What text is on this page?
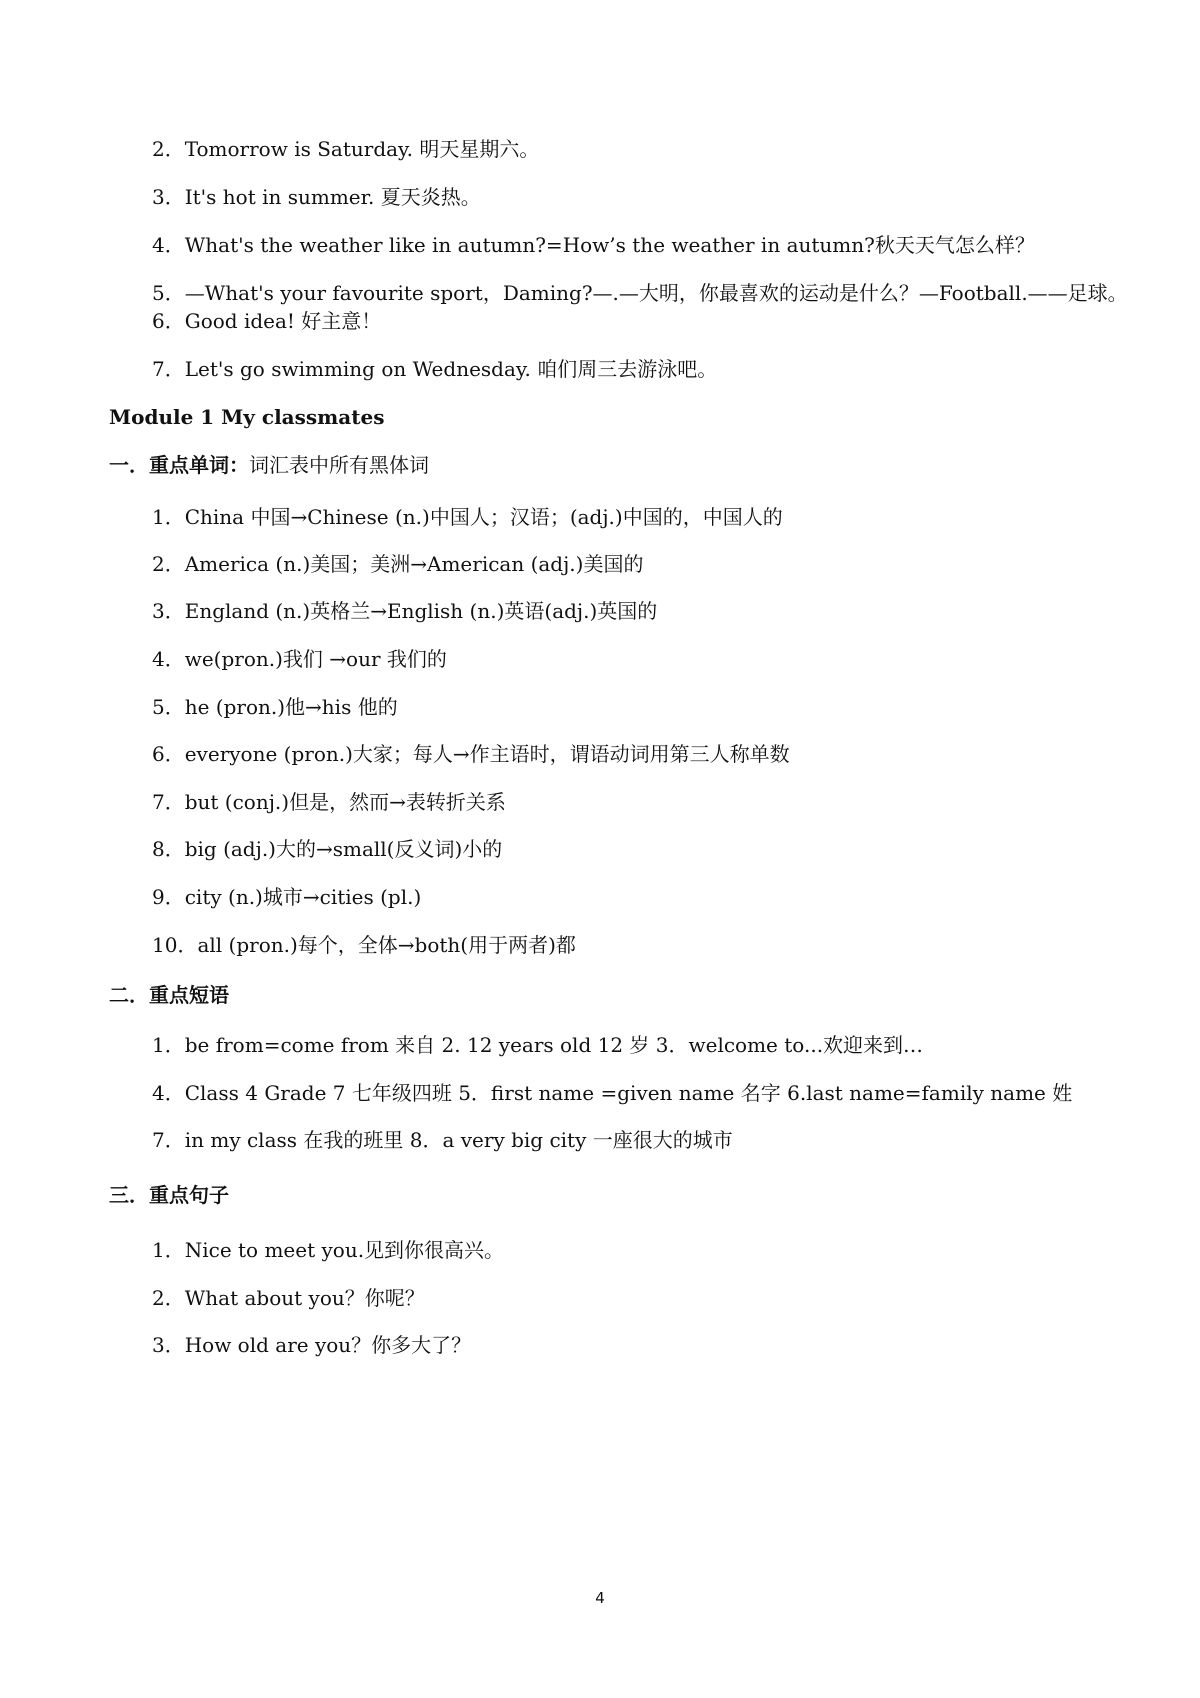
2．Tomorrow is Saturday. 明天星期六。
3．It's hot in summer. 夏天炎热。
4．What's the weather like in autumn?=How’s the weather in autumn?秋天天气怎么样？
5．—What's your favourite sport，Daming?—.—大明，你最喜欢的运动是什么？—Football.——足球。
6．Good idea! 好主意！
7．Let's go swimming on Wednesday. 咱们周三去游泳吧。
Module 1 My classmates
一．重点单词：词汇表中所有黑体词
1．China 中国→Chinese (n.)中国人；汉语；(adj.)中国的，中国人的
2．America (n.)美国；美洲→American (adj.)美国的
3．England (n.)英格兰→English (n.)英语(adj.)英国的
4．we(pron.)我们 →our 我们的
5．he (pron.)他→his 他的
6．everyone (pron.)大家；每人→作主语时，谓语动词用第三人称单数
7．but (conj.)但是，然而→表转折关系
8．big (adj.)大的→small(反义词)小的
9．city (n.)城市→cities (pl.)
10．all (pron.)每个，全体→both(用于两者)都
二．重点短语
1．be from=come from 来自 2. 12 years old 12 岁 3．welcome to...欢迎来到…
4．Class 4 Grade 7 七年级四班 5．first name =given name 名字 6.last name=family name 姓
7．in my class 在我的班里 8．a very big city 一座很大的城市
三．重点句子
1．Nice to meet you.见到你很高兴。
2．What about you？你呢？
3．How old are you？你多大了？
4
